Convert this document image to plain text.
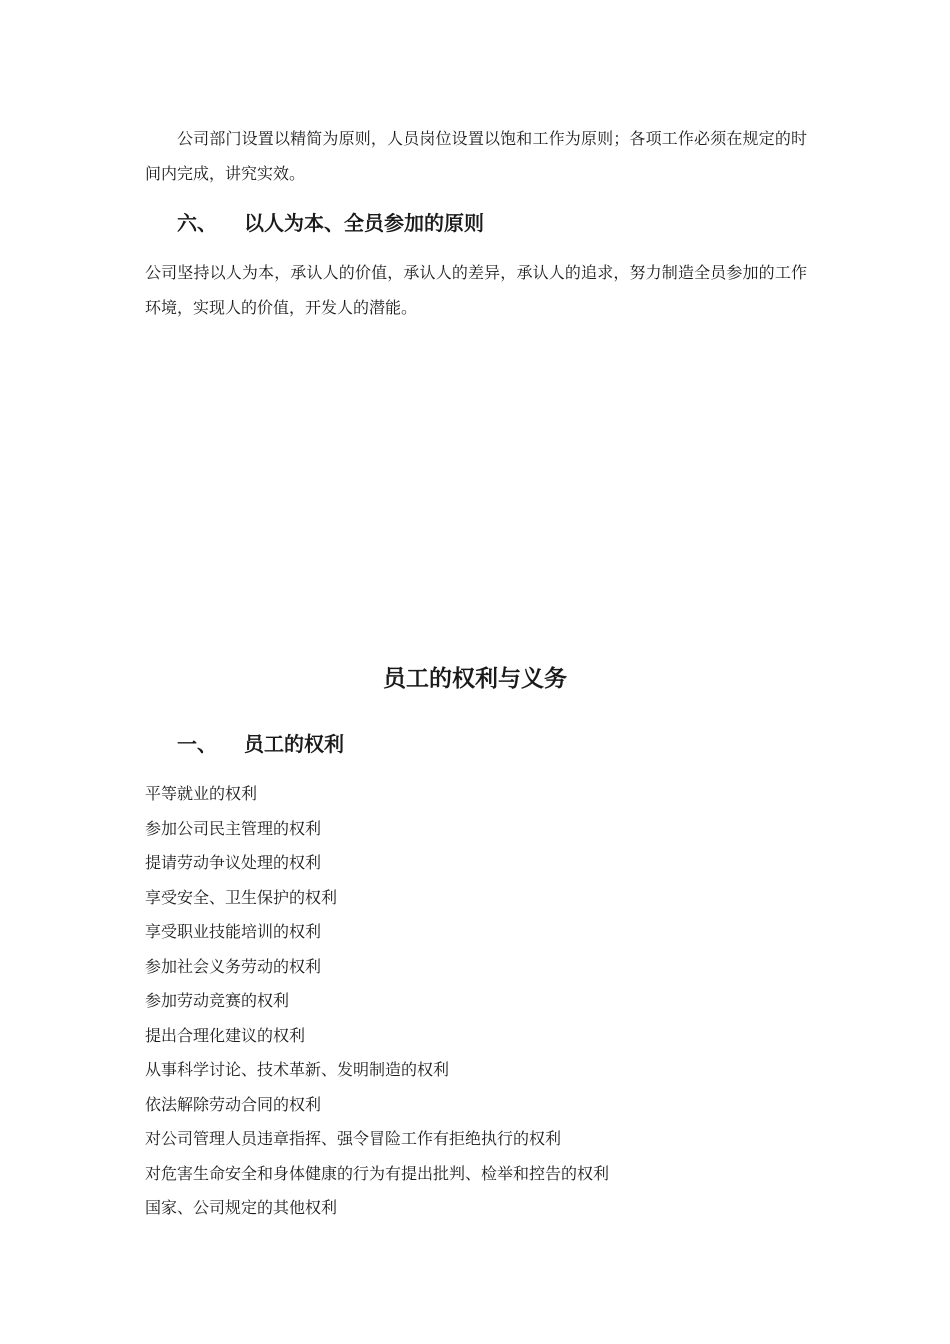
公司部门设置以精简为原则，人员岗位设置以饱和工作为原则；各项工作必须在规定的时间内完成，讲究实效。

六、 以人为本、全员参加的原则

公司坚持以人为本，承认人的价值，承认人的差异，承认人的追求，努力制造全员参加的工作环境，实现人的价值，开发人的潜能。

员工的权利与义务
一、 员工的权利
平等就业的权利
参加公司民主管理的权利
提请劳动争议处理的权利
享受安全、卫生保护的权利
享受职业技能培训的权利
参加社会义务劳动的权利
参加劳动竞赛的权利
提出合理化建议的权利
从事科学讨论、技术革新、发明制造的权利
依法解除劳动合同的权利
对公司管理人员违章指挥、强令冒险工作有拒绝执行的权利
对危害生命安全和身体健康的行为有提出批判、检举和控告的权利
国家、公司规定的其他权利
